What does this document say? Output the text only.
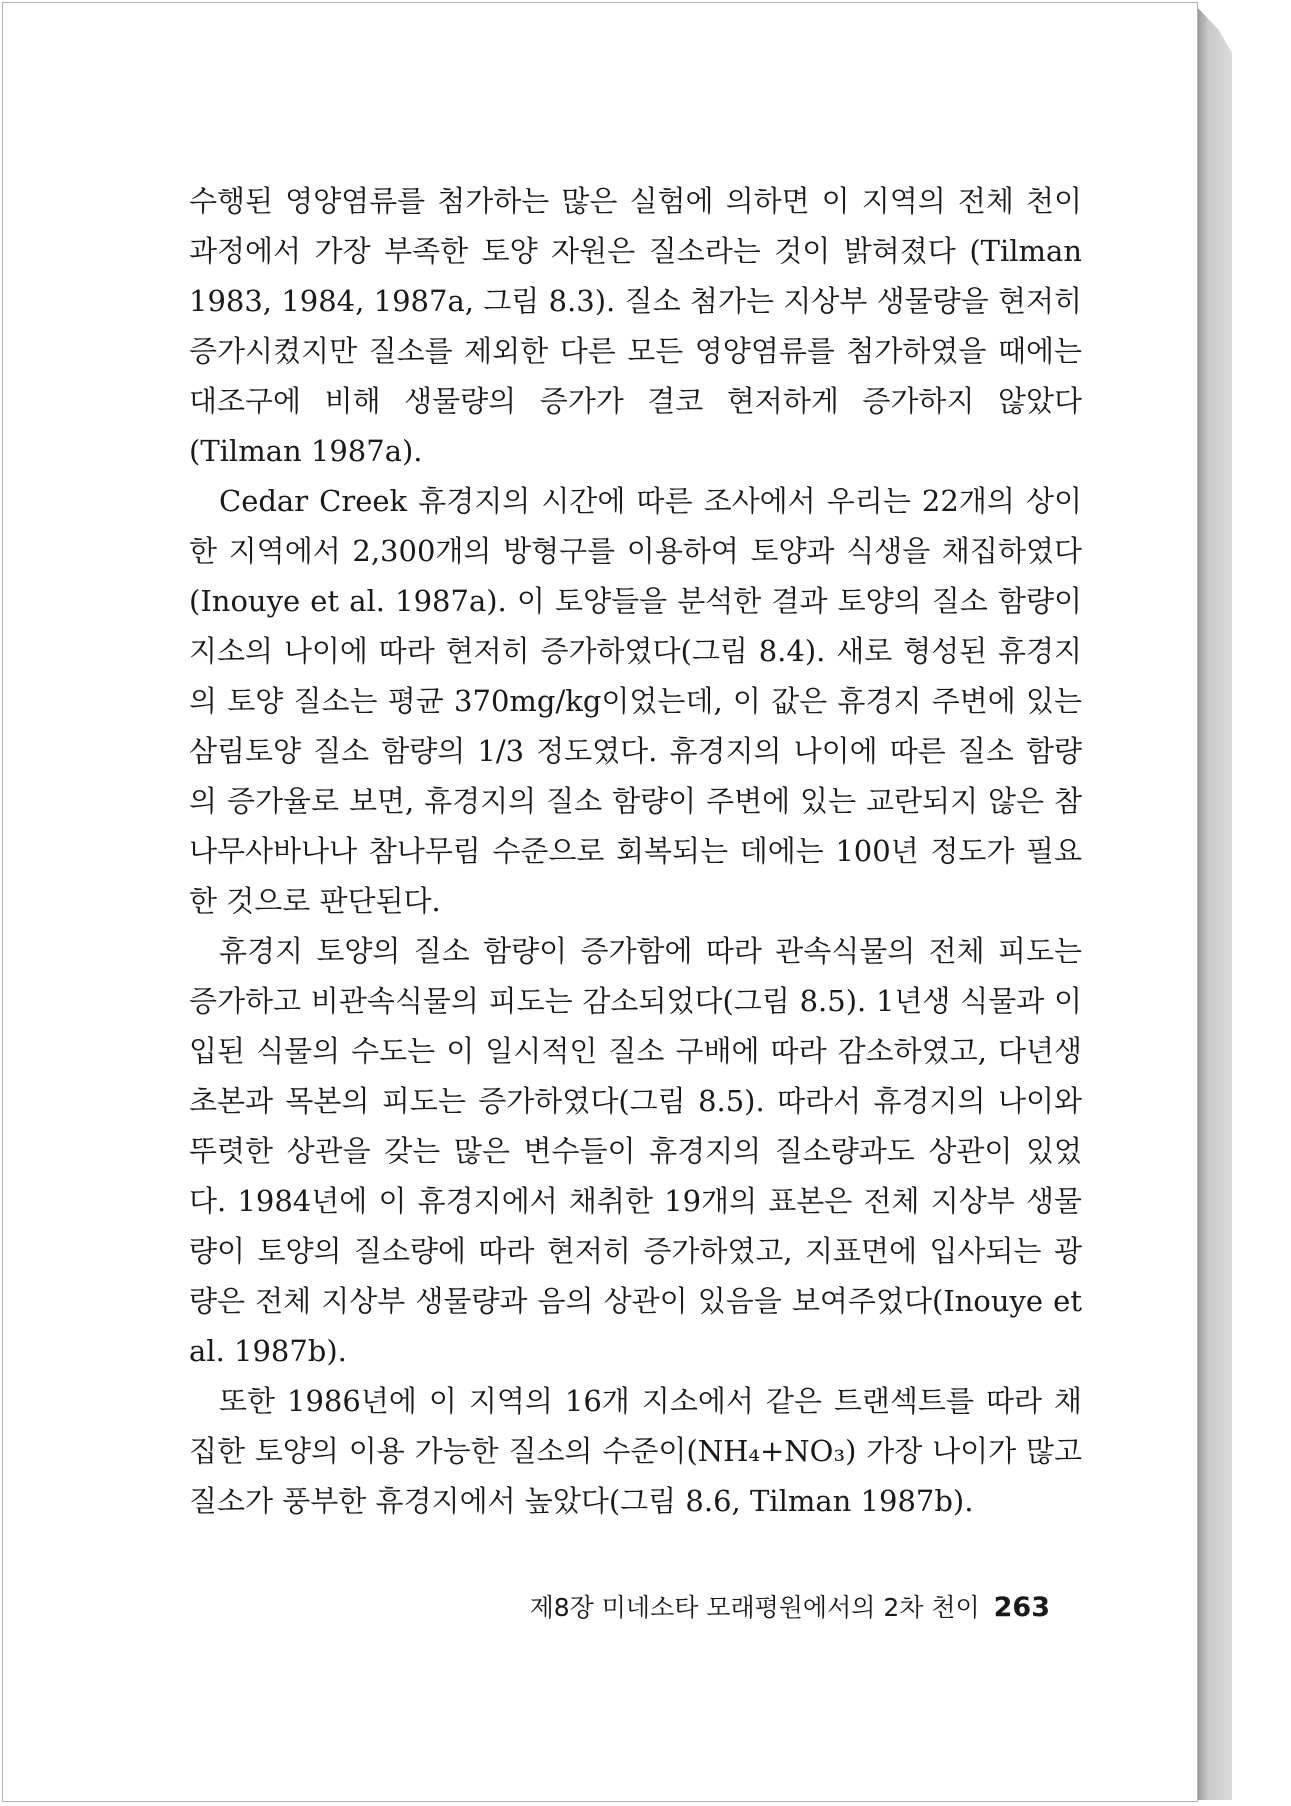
수행된 영양염류를 첨가하는 많은 실험에 의하면 이 지역의 전체 천이 과정에서 가장 부족한 토양 자원은 질소라는 것이 밝혀졌다 (Tilman 1983, 1984, 1987a, 그림 8.3). 질소 첨가는 지상부 생물량을 현저히 증가시켰지만 질소를 제외한 다른 모든 영양염류를 첨가하였을 때에는 대조구에 비해 생물량의 증가가 결코 현저하게 증가하지 않았다(Tilman 1987a).

Cedar Creek 휴경지의 시간에 따른 조사에서 우리는 22개의 상이한 지역에서 2,300개의 방형구를 이용하여 토양과 식생을 채집하였다(Inouye et al. 1987a). 이 토양들을 분석한 결과 토양의 질소 함량이 지소의 나이에 따라 현저히 증가하였다(그림 8.4). 새로 형성된 휴경지의 토양 질소는 평균 370mg/kg이었는데, 이 값은 휴경지 주변에 있는 삼림토양 질소 함량의 1/3 정도였다. 휴경지의 나이에 따른 질소 함량의 증가율로 보면, 휴경지의 질소 함량이 주변에 있는 교란되지 않은 참나무사바나나 참나무림 수준으로 회복되는 데에는 100년 정도가 필요한 것으로 판단된다.

휴경지 토양의 질소 함량이 증가함에 따라 관속식물의 전체 피도는 증가하고 비관속식물의 피도는 감소되었다(그림 8.5). 1년생 식물과 이입된 식물의 수도는 이 일시적인 질소 구배에 따라 감소하였고, 다년생 초본과 목본의 피도는 증가하였다(그림 8.5). 따라서 휴경지의 나이와 뚜렷한 상관을 갖는 많은 변수들이 휴경지의 질소량과도 상관이 있었다. 1984년에 이 휴경지에서 채취한 19개의 표본은 전체 지상부 생물량이 토양의 질소량에 따라 현저히 증가하였고, 지표면에 입사되는 광량은 전체 지상부 생물량과 음의 상관이 있음을 보여주었다(Inouye et al. 1987b).

또한 1986년에 이 지역의 16개 지소에서 같은 트랜섹트를 따라 채집한 토양의 이용 가능한 질소의 수준이(NH₄+NO₃) 가장 나이가 많고 질소가 풍부한 휴경지에서 높았다(그림 8.6, Tilman 1987b).

제8장 미네소타 모래평원에서의 2차 천이 263
